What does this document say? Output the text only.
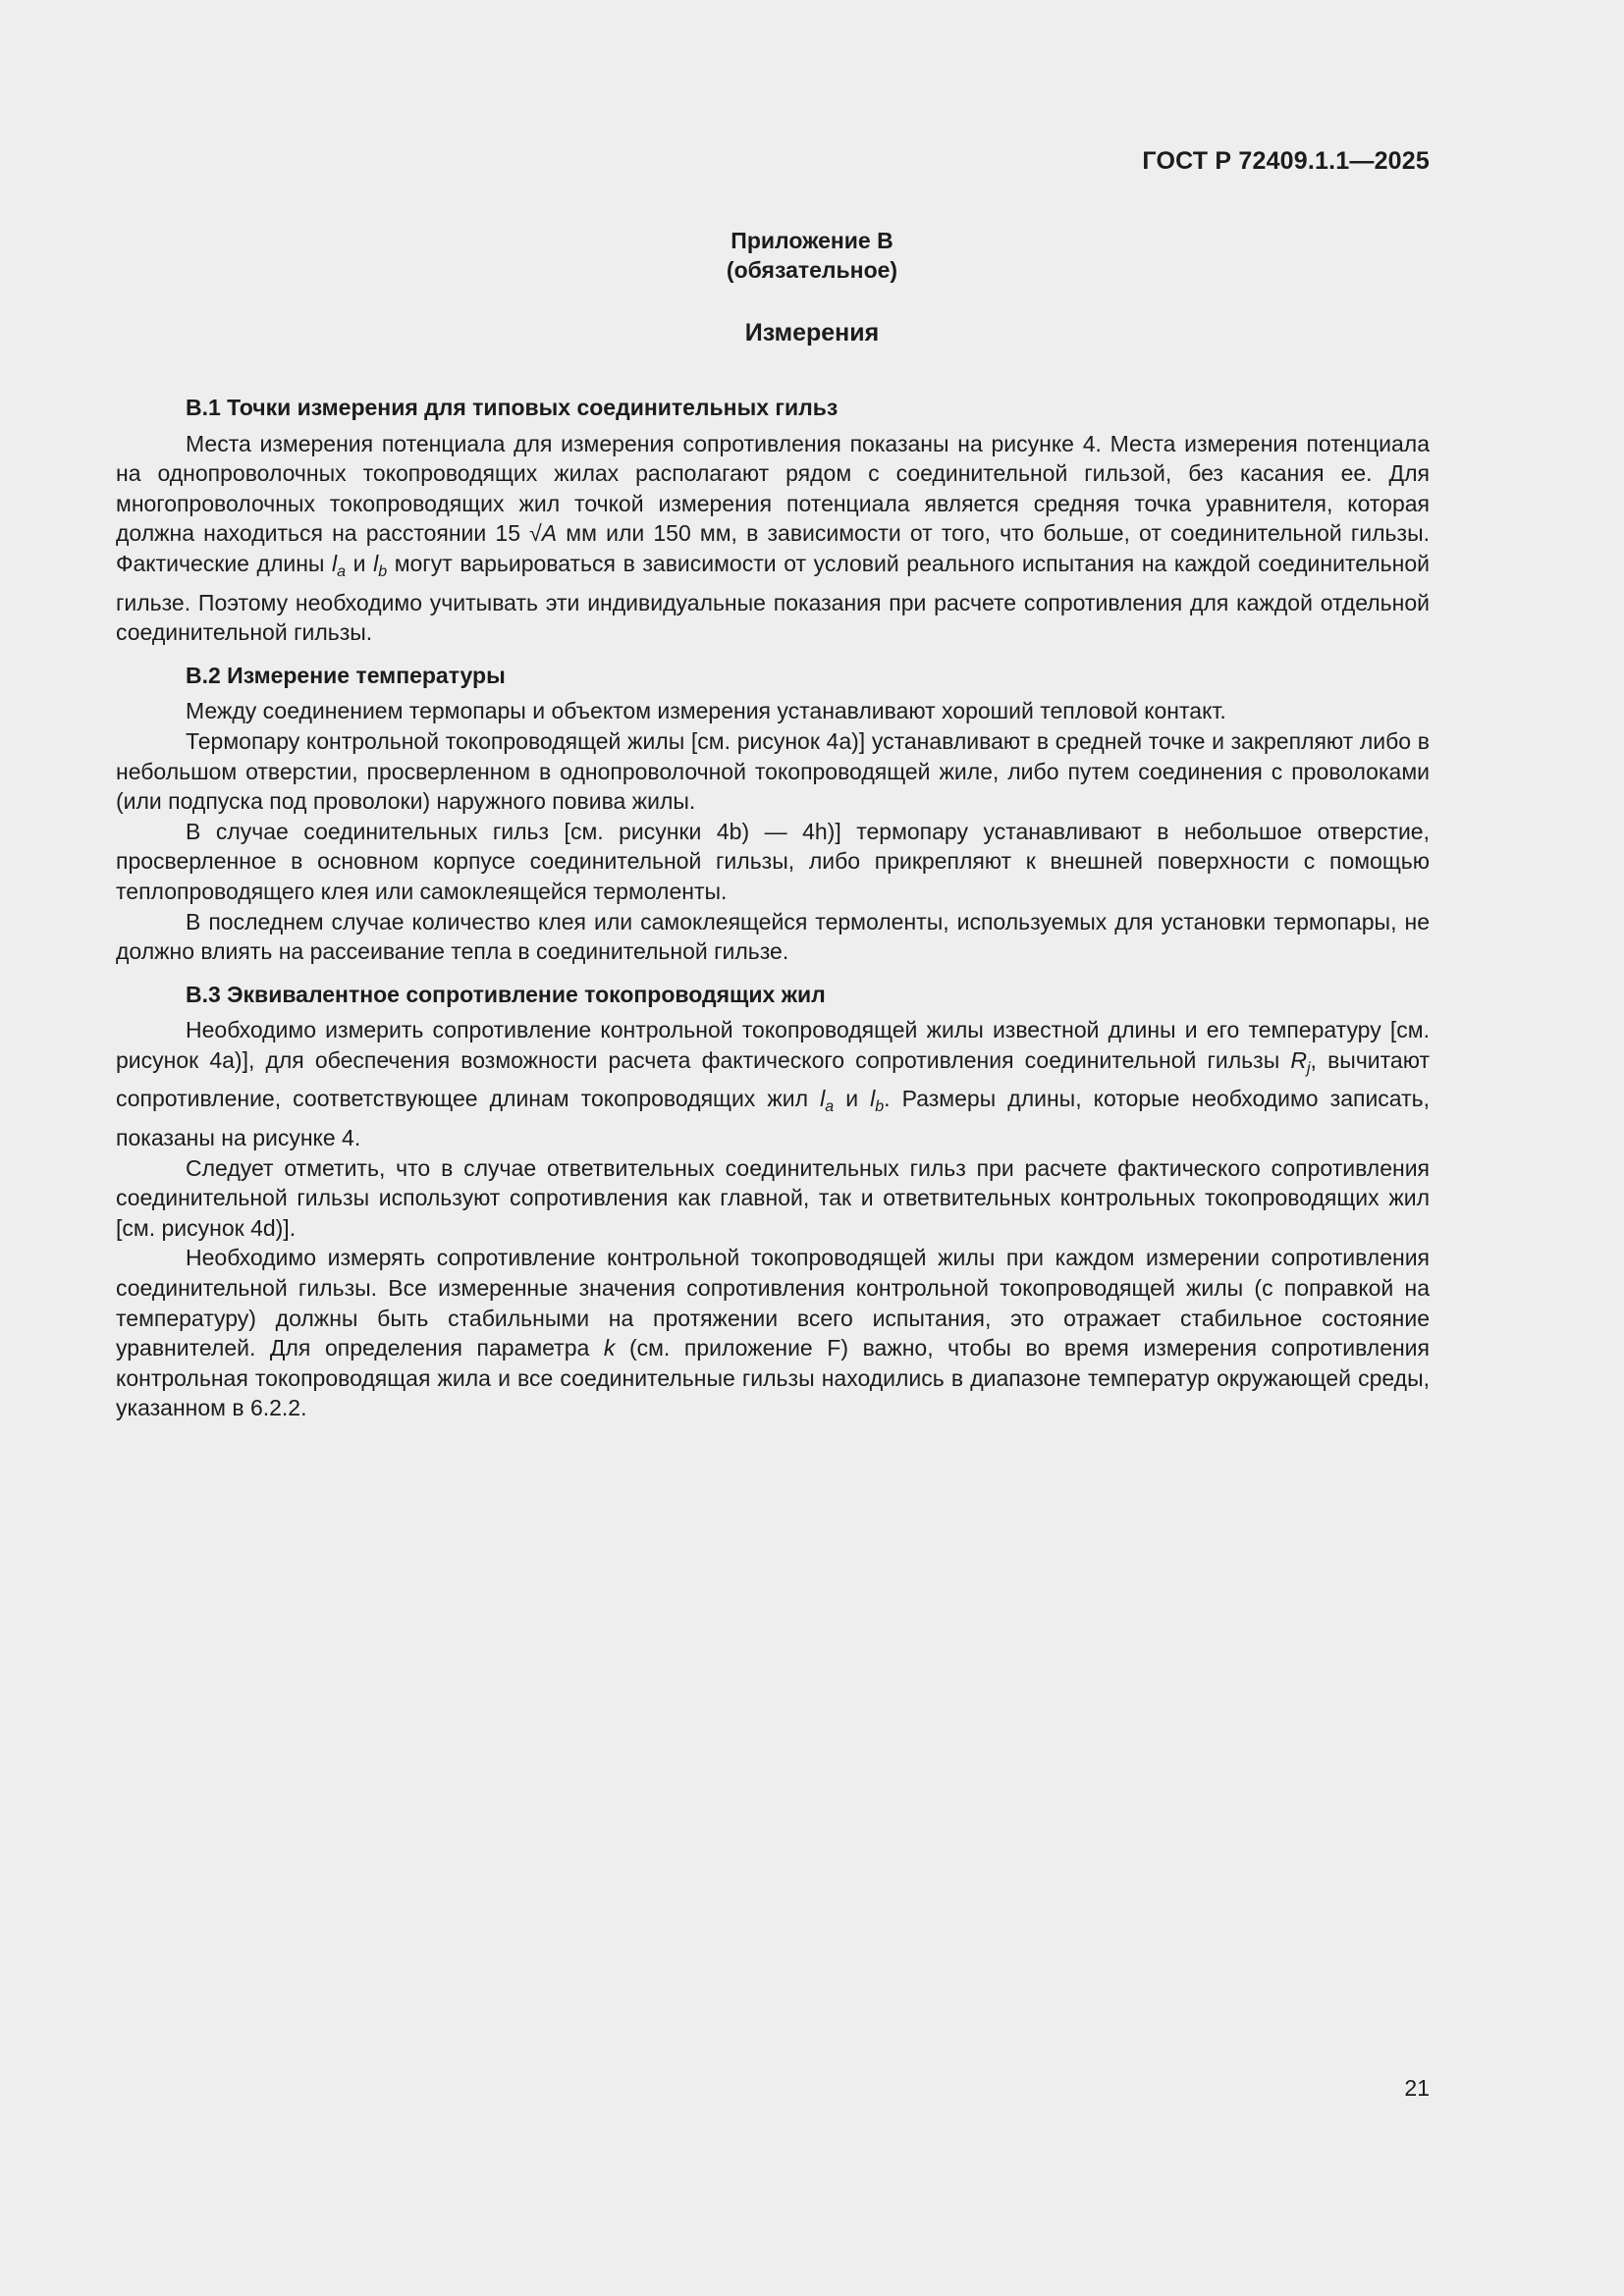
ГОСТ Р 72409.1.1—2025
Приложение B
(обязательное)
Измерения
B.1 Точки измерения для типовых соединительных гильз

Места измерения потенциала для измерения сопротивления показаны на рисунке 4. Места измерения потенциала на однопроволочных токопроводящих жилах располагают рядом с соединительной гильзой, без касания ее. Для многопроволочных токопроводящих жил точкой измерения потенциала является средняя точка уравнителя, которая должна находиться на расстоянии 15 √A мм или 150 мм, в зависимости от того, что больше, от соединительной гильзы. Фактические длины $l_a$ и $l_b$ могут варьироваться в зависимости от условий реального испытания на каждой соединительной гильзе. Поэтому необходимо учитывать эти индивидуальные показания при расчете сопротивления для каждой отдельной соединительной гильзы.

B.2 Измерение температуры

Между соединением термопары и объектом измерения устанавливают хороший тепловой контакт.

Термопару контрольной токопроводящей жилы [см. рисунок 4a)] устанавливают в средней точке и закрепляют либо в небольшом отверстии, просверленном в однопроволочной токопроводящей жиле, либо путем соединения с проволоками (или подпуска под проволоки) наружного повива жилы.

В случае соединительных гильз [см. рисунки 4b) — 4h)] термопару устанавливают в небольшое отверстие, просверленное в основном корпусе соединительной гильзы, либо прикрепляют к внешней поверхности с помощью теплопроводящего клея или самоклеящейся термоленты.

В последнем случае количество клея или самоклеящейся термоленты, используемых для установки термопары, не должно влиять на рассеивание тепла в соединительной гильзе.

B.3 Эквивалентное сопротивление токопроводящих жил

Необходимо измерить сопротивление контрольной токопроводящей жилы известной длины и его температуру [см. рисунок 4a)], для обеспечения возможности расчета фактического сопротивления соединительной гильзы $R_j$, вычитают сопротивление, соответствующее длинам токопроводящих жил $l_a$ и $l_b$. Размеры длины, которые необходимо записать, показаны на рисунке 4.

Следует отметить, что в случае ответвительных соединительных гильз при расчете фактического сопротивления соединительной гильзы используют сопротивления как главной, так и ответвительных контрольных токопроводящих жил [см. рисунок 4d)].

Необходимо измерять сопротивление контрольной токопроводящей жилы при каждом измерении сопротивления соединительной гильзы. Все измеренные значения сопротивления контрольной токопроводящей жилы (с поправкой на температуру) должны быть стабильными на протяжении всего испытания, это отражает стабильное состояние уравнителей. Для определения параметра k (см. приложение F) важно, чтобы во время измерения сопротивления контрольная токопроводящая жила и все соединительные гильзы находились в диапазоне температур окружающей среды, указанном в 6.2.2.

21
